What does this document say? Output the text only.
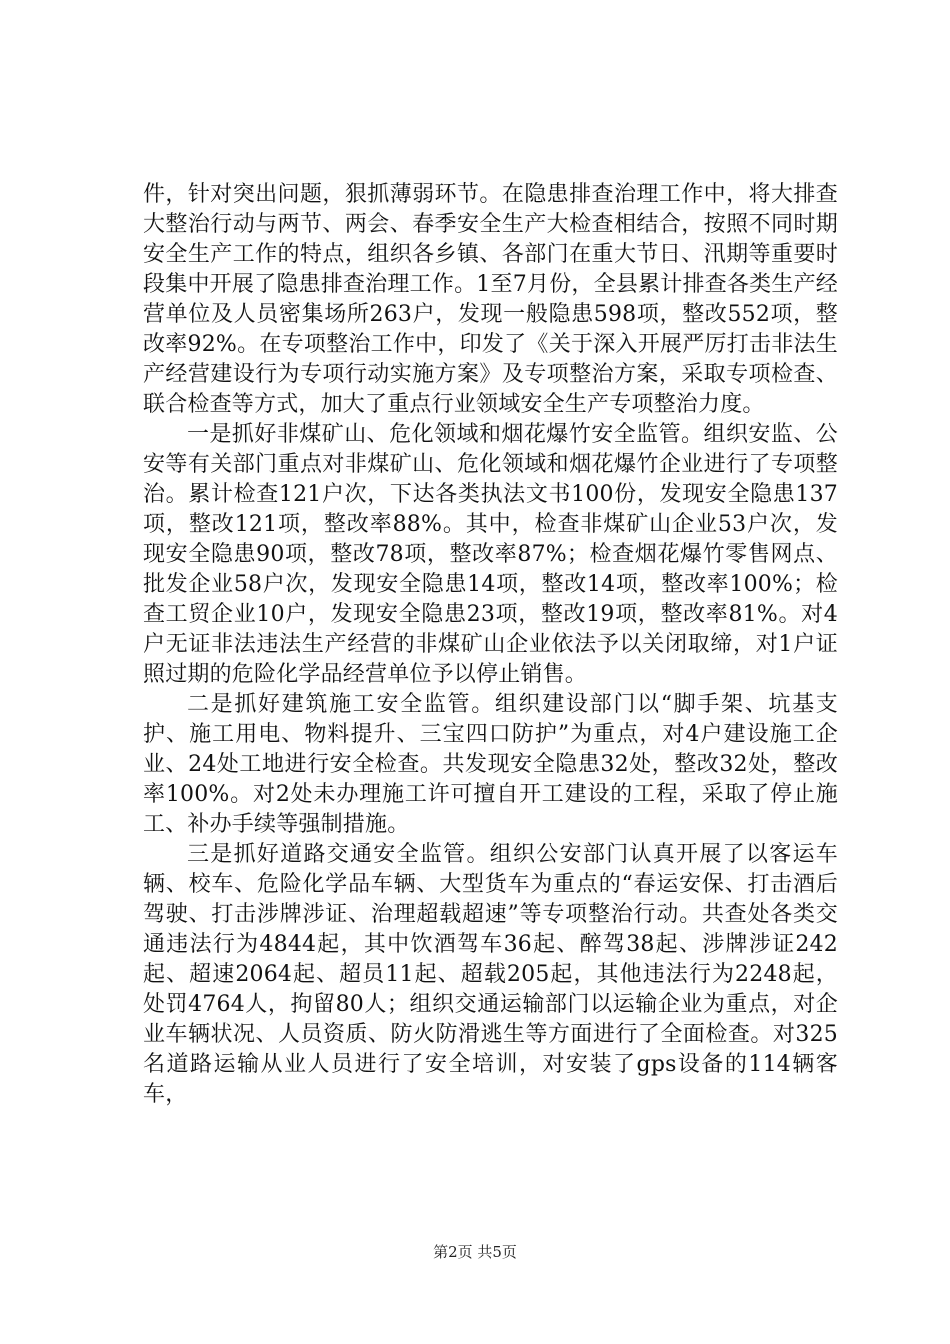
件，针对突出问题，狠抓薄弱环节。在隐患排查治理工作中，将大排查大整治行动与两节、两会、春季安全生产大检查相结合，按照不同时期安全生产工作的特点，组织各乡镇、各部门在重大节日、汛期等重要时段集中开展了隐患排查治理工作。1至7月份，全县累计排查各类生产经营单位及人员密集场所263户，发现一般隐患598项，整改552项，整改率92%。在专项整治工作中，印发了《关于深入开展严厉打击非法生产经营建设行为专项行动实施方案》及专项整治方案，采取专项检查、联合检查等方式，加大了重点行业领域安全生产专项整治力度。

一是抓好非煤矿山、危化领域和烟花爆竹安全监管。组织安监、公安等有关部门重点对非煤矿山、危化领域和烟花爆竹企业进行了专项整治。累计检查121户次，下达各类执法文书100份，发现安全隐患137项，整改121项，整改率88%。其中，检查非煤矿山企业53户次，发现安全隐患90项，整改78项，整改率87%；检查烟花爆竹零售网点、批发企业58户次，发现安全隐患14项，整改14项，整改率100%；检查工贸企业10户，发现安全隐患23项，整改19项，整改率81%。对4户无证非法违法生产经营的非煤矿山企业依法予以关闭取缔，对1户证照过期的危险化学品经营单位予以停止销售。

二是抓好建筑施工安全监管。组织建设部门以“脚手架、坑基支护、施工用电、物料提升、三宝四口防护”为重点，对4户建设施工企业、24处工地进行安全检查。共发现安全隐患32处，整改32处，整改率100%。对2处未办理施工许可擅自开工建设的工程，采取了停止施工、补办手续等强制措施。

三是抓好道路交通安全监管。组织公安部门认真开展了以客运车辆、校车、危险化学品车辆、大型货车为重点的“春运安保、打击酒后驾驶、打击涉牌涉证、治理超载超速”等专项整治行动。共查处各类交通违法行为4844起，其中饮酒驾车36起、醉驾38起、涉牌涉证242起、超速2064起、超员11起、超载205起，其他违法行为2248起，处罚4764人，拘留80人；组织交通运输部门以运输企业为重点，对企业车辆状况、人员资质、防火防滑逃生等方面进行了全面检查。对325名道路运输从业人员进行了安全培训，对安装了gps设备的114辆客车，

第2页 共5页
